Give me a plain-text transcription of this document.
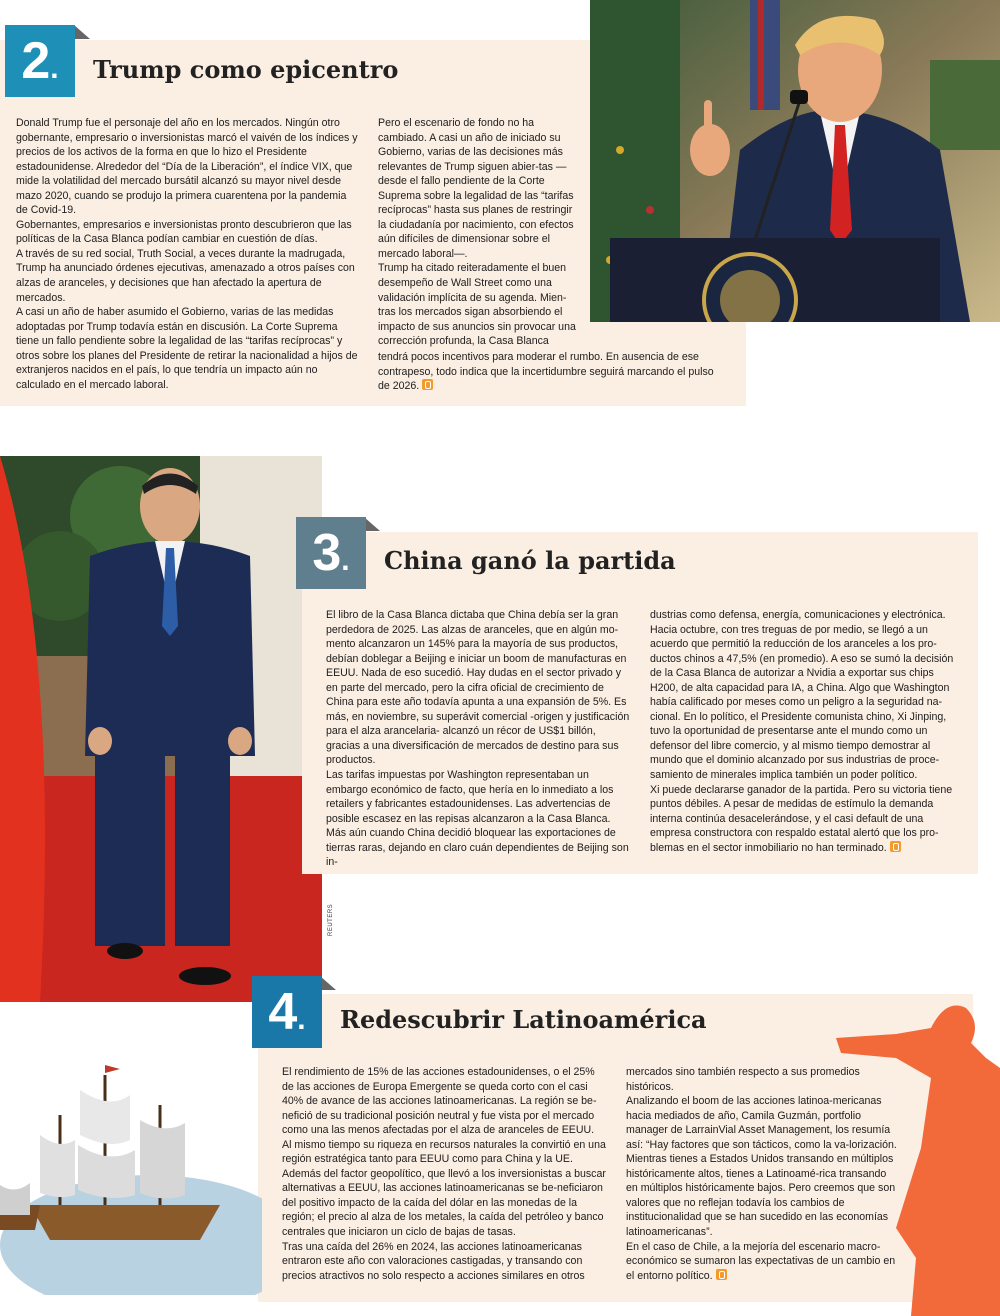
2.	Trump como epicentro

Donald Trump fue el personaje del año en los mercados. Ningún otro gobernante, empresario o inversionistas marcó el vaivén de los índices y precios de los activos de la forma en que lo hizo el Presidente estadounidense. Alrededor del “Día de la Liberación”, el índice VIX, que mide la volatilidad del mercado bursátil alcanzó su mayor nivel desde mazo 2020, cuando se produjo la primera cuarentena por la pandemia de Covid-19.

Gobernantes, empresarios e inversionistas pronto descubrieron que las políticas de la Casa Blanca podían cambiar en cuestión de días.

A través de su red social, Truth Social, a veces durante la madrugada, Trump ha anunciado órdenes ejecutivas, amenazado a otros países con alzas de aranceles, y decisiones que han afectado la apertura de mercados.

A casi un año de haber asumido el Gobierno, varias de las medidas adoptadas por Trump todavía están en discusión. La Corte Suprema tiene un fallo pendiente sobre la legalidad de las “tarifas recíprocas” y otros sobre los planes del Presidente de retirar la nacionalidad a hijos de extranjeros nacidos en el país, lo que tendría un impacto aún no calculado en el mercado laboral.

Pero el escenario de fondo no ha cambiado. A casi un año de iniciado su Gobierno, varias de las decisiones más relevantes de Trump siguen abier-tas —desde el fallo pendiente de la Corte Suprema sobre la legalidad de las “tarifas recíprocas” hasta sus planes de restringir la ciudadanía por nacimiento, con efectos aún difíciles de dimensionar sobre el mercado laboral—.

Trump ha citado reiteradamente el buen desempeño de Wall Street como una validación implícita de su agenda. Mien-tras los mercados sigan absorbiendo el impacto de sus anuncios sin provocar una corrección profunda, la Casa Blanca

tendrá pocos incentivos para moderar el rumbo. En ausencia de ese contrapeso, todo indica que la incertidumbre seguirá marcando el pulso de 2026.

REUTERS
3.	China ganó la partida

El libro de la Casa Blanca dictaba que China debía ser la gran perdedora de 2025. Las alzas de aranceles, que en algún mo-mento alcanzaron un 145% para la mayoría de sus productos, debían doblegar a Beijing e iniciar un boom de manufacturas en EEUU. Nada de eso sucedió. Hay dudas en el sector privado y en parte del mercado, pero la cifra oficial de crecimiento de China para este año todavía apunta a una expansión de 5%. Es más, en noviembre, su superávit comercial -origen y justificación para el alza arancelaria- alcanzó un récor de US$1 billón, gracias a una diversificación de mercados de destino para sus productos.

Las tarifas impuestas por Washington representaban un embargo económico de facto, que hería en lo inmediato a los retailers y fabricantes estadounidenses. Las advertencias de posible escasez en las repisas alcanzaron a la Casa Blanca. Más aún cuando China decidió bloquear las exportaciones de tierras raras, dejando en claro cuán dependientes de Beijing son in-

dustrias como defensa, energía, comunicaciones y electrónica. Hacia octubre, con tres treguas de por medio, se llegó a un acuerdo que permitió la reducción de los aranceles a los pro-ductos chinos a 47,5% (en promedio). A eso se sumó la decisión de la Casa Blanca de autorizar a Nvidia a exportar sus chips H200, de alta capacidad para IA, a China. Algo que Washington había calificado por meses como un peligro a la seguridad na-cional. En lo político, el Presidente comunista chino, Xi Jinping, tuvo la oportunidad de presentarse ante el mundo como un defensor del libre comercio, y al mismo tiempo demostrar al mundo que el dominio alcanzado por sus industrias de proce-samiento de minerales implica también un poder político.

Xi puede declararse ganador de la partida. Pero su victoria tiene puntos débiles. A pesar de medidas de estímulo la demanda interna continúa desacelerándose, y el casi default de una empresa constructora con respaldo estatal alertó que los pro-blemas en el sector inmobiliario no han terminado.

4.	Redescubrir Latinoamérica

El rendimiento de 15% de las acciones estadounidenses, o el 25% de las acciones de Europa Emergente se queda corto con el casi 40% de avance de las acciones latinoamericanas. La región se be-nefició de su tradicional posición neutral y fue vista por el mercado como una las menos afectadas por el alza de aranceles de EEUU.

Al mismo tiempo su riqueza en recursos naturales la convirtió en una región estratégica tanto para EEUU como para China y la UE. Además del factor geopolítico, que llevó a los inversionistas a buscar alternativas a EEUU, las acciones latinoamericanas se be-neficiaron del positivo impacto de la caída del dólar en las monedas de la región; el precio al alza de los metales, la caída del petróleo y banco centrales que iniciaron un ciclo de bajas de tasas.

Tras una caída del 26% en 2024, las acciones latinoamericanas entraron este año con valoraciones castigadas, y transando con precios atractivos no solo respecto a acciones similares en otros

mercados sino también respecto a sus promedios históricos.

Analizando el boom de las acciones latinoa-mericanas hacia mediados de año, Camila Guzmán, portfolio manager de LarrainVial Asset Management, los resumía así: “Hay factores que son tácticos, como la va-lorización. Mientras tienes a Estados Unidos transando en múltiplos históricamente altos, tienes a Latinoamé-rica transando en múltiplos históricamente bajos. Pero creemos que son valores que no reflejan todavía los cambios de institucionalidad que se han sucedido en las economías latinoamericanas”.

En el caso de Chile, a la mejoría del escenario macro-económico se sumaron las expectativas de un cambio en el entorno político.
